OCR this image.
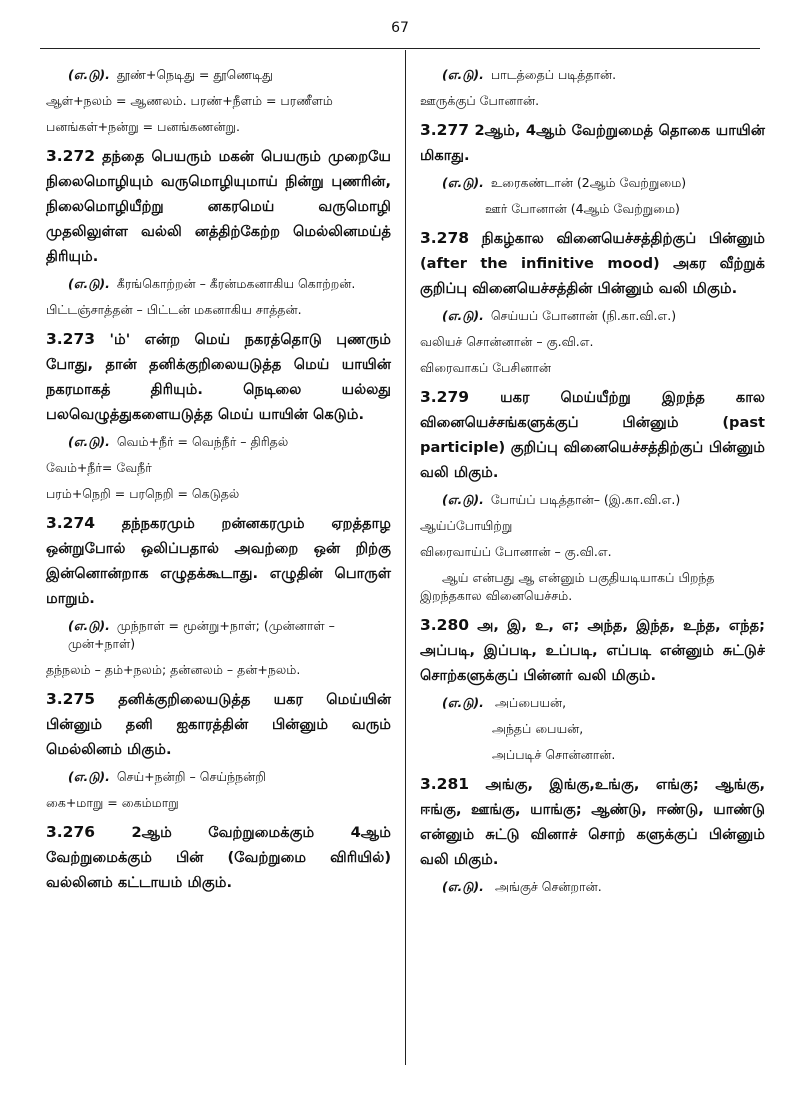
67

(எ.டு). தூண்+நெடிது = தூணெடிது

ஆள்+நலம் = ஆணலம். பரண்+நீளம் = பரணீளம்

பனங்கள்+நன்று = பனங்கணன்று.

3.272 தந்தை பெயரும் மகன் பெயரும் முறையே நிலைமொழியும் வருமொழியுமாய் நின்று புணரின், நிலைமொழியீற்று னகரமெய் வருமொழி முதலிலுள்ள வல்லி னத்திற்கேற்ற மெல்லினமய்த் திரியும்.

(எ.டு). கீரங்கொற்றன் – கீரன்மகனாகிய கொற்றன்.

பிட்டஞ்சாத்தன் – பிட்டன் மகனாகிய சாத்தன்.

3.273 'ம்' என்ற மெய் நகரத்தொடு புணரும் போது, தான் தனிக்குறிலையடுத்த மெய் யாயின் நகரமாகத் திரியும். நெடிலை யல்லது பலவெழுத்துகளையடுத்த மெய் யாயின் கெடும்.

(எ.டு). வெம்+நீர் = வெந்நீர் – திரிதல்

வேம்+நீர்= வேநீர்

பரம்+நெறி = பரநெறி = கெடுதல்

3.274 தந்நகரமும் றன்னகரமும் ஏறத்தாழ ஒன்றுபோல் ஒலிப்பதால் அவற்றை ஒன் றிற்கு இன்னொன்றாக எழுதக்கூடாது. எழுதின் பொருள் மாறும்.

(எ.டு). முந்நாள் = மூன்று+நாள்; (முன்னாள் – முன்+நாள்)

தந்நலம் – தம்+நலம்; தன்னலம் – தன்+நலம்.

3.275 தனிக்குறிலையடுத்த யகர மெய்யின் பின்னும் தனி ஐகாரத்தின் பின்னும் வரும் மெல்லினம் மிகும்.

(எ.டு). செய்+நன்றி – செய்ந்நன்றி

கை+மாறு = கைம்மாறு

3.276 2ஆம் வேற்றுமைக்கும் 4ஆம் வேற்றுமைக்கும் பின் (வேற்றுமை விரியில்) வல்லினம் கட்டாயம் மிகும்.

(எ.டு). பாடத்தைப் படித்தான்.

ஊருக்குப் போனான்.

3.277 2ஆம், 4ஆம் வேற்றுமைத் தொகை யாயின் மிகாது.

(எ.டு). உரைகண்டான் (2ஆம் வேற்றுமை)

ஊர் போனான் (4ஆம் வேற்றுமை)

3.278 நிகழ்கால வினையெச்சத்திற்குப் பின்னும் (after the infinitive mood) அகர வீற்றுக் குறிப்பு வினையெச்சத்தின் பின்னும் வலி மிகும்.

(எ.டு). செய்யப் போனான் (நி.கா.வி.எ.)

வலியச் சொன்னான் – கு.வி.எ.

விரைவாகப் பேசினான்

3.279 யகர மெய்யீற்று இறந்த கால வினையெச்சங்களுக்குப் பின்னும் (past participle) குறிப்பு வினையெச்சத்திற்குப் பின்னும் வலி மிகும்.

(எ.டு). போய்ப் படித்தான்– (இ.கா.வி.எ.)

ஆய்ப்போயிற்று

விரைவாய்ப் போனான் – கு.வி.எ.

ஆய் என்பது ஆ என்னும் பகுதியடியாகப் பிறந்த இறந்தகால வினையெச்சம்.

3.280 அ, இ, உ, எ; அந்த, இந்த, உந்த, எந்த; அப்படி, இப்படி, உப்படி, எப்படி என்னும் சுட்டுச் சொற்களுக்குப் பின்னர் வலி மிகும்.

(எ.டு). அப்பையன்,

அந்தப் பையன்,

அப்படிச் சொன்னான்.

3.281 அங்கு, இங்கு,உங்கு, எங்கு; ஆங்கு, ஈங்கு, ஊங்கு, யாங்கு; ஆண்டு, ஈண்டு, யாண்டு என்னும் சுட்டு வினாச் சொற் களுக்குப் பின்னும் வலி மிகும்.

(எ.டு). அங்குச் சென்றான்.
